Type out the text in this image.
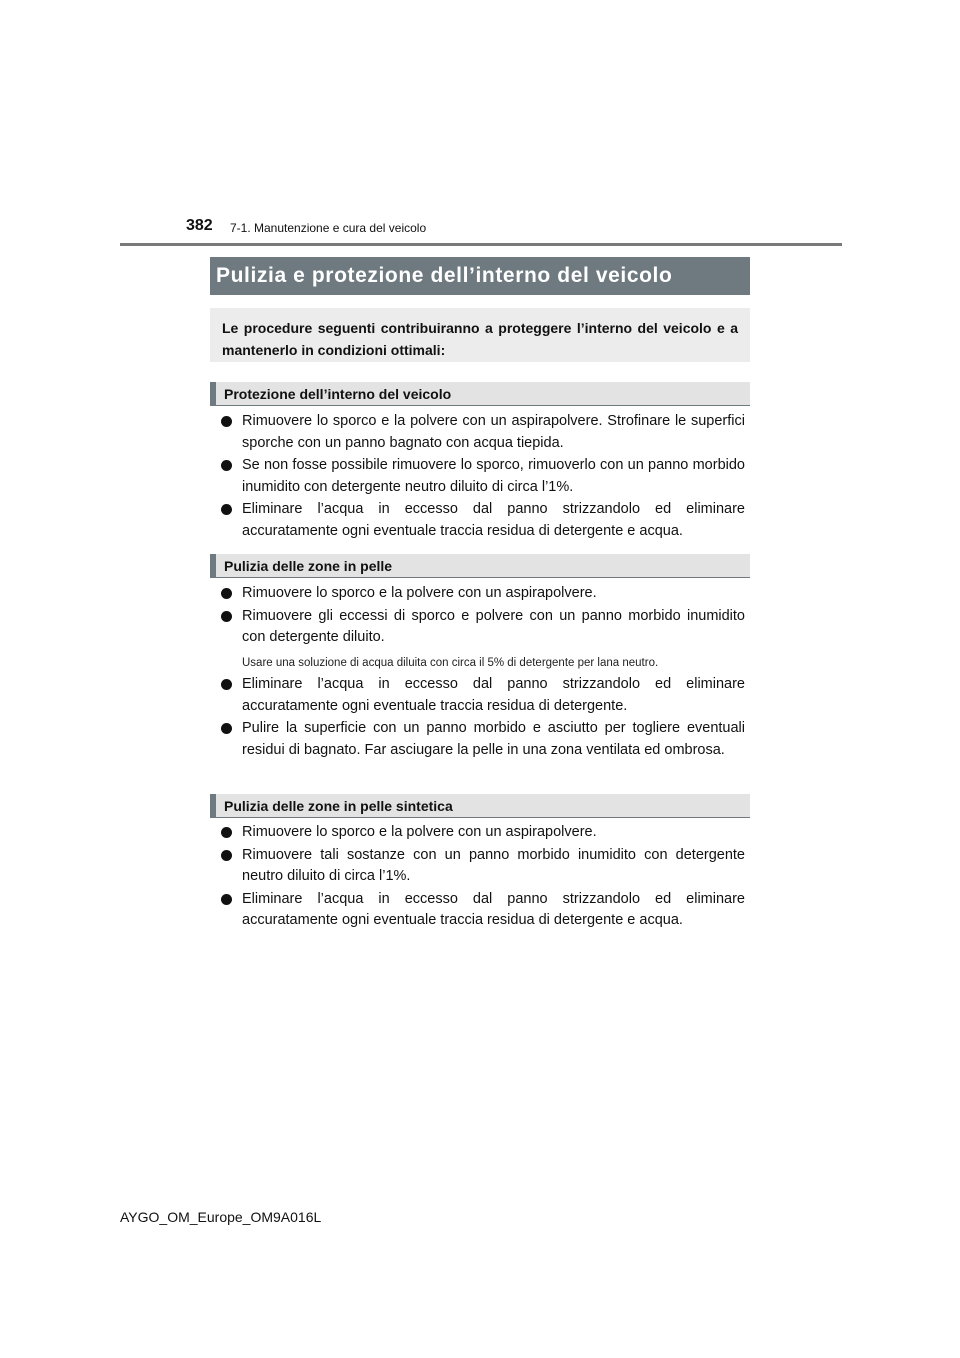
382 7-1. Manutenzione e cura del veicolo
Pulizia e protezione dell’interno del veicolo
Le procedure seguenti contribuiranno a proteggere l’interno del veicolo e a mantenerlo in condizioni ottimali:
Protezione dell’interno del veicolo
Rimuovere lo sporco e la polvere con un aspirapolvere. Strofinare le superfici sporche con un panno bagnato con acqua tiepida.
Se non fosse possibile rimuovere lo sporco, rimuoverlo con un panno morbido inumidito con detergente neutro diluito di circa l’1%.
Eliminare l’acqua in eccesso dal panno strizzandolo ed eliminare accuratamente ogni eventuale traccia residua di detergente e acqua.
Pulizia delle zone in pelle
Rimuovere lo sporco e la polvere con un aspirapolvere.
Rimuovere gli eccessi di sporco e polvere con un panno morbido inumidito con detergente diluito.
Usare una soluzione di acqua diluita con circa il 5% di detergente per lana neutro.
Eliminare l’acqua in eccesso dal panno strizzandolo ed eliminare accuratamente ogni eventuale traccia residua di detergente.
Pulire la superficie con un panno morbido e asciutto per togliere eventuali residui di bagnato. Far asciugare la pelle in una zona ventilata ed ombrosa.
Pulizia delle zone in pelle sintetica
Rimuovere lo sporco e la polvere con un aspirapolvere.
Rimuovere tali sostanze con un panno morbido inumidito con detergente neutro diluito di circa l’1%.
Eliminare l’acqua in eccesso dal panno strizzandolo ed eliminare accuratamente ogni eventuale traccia residua di detergente e acqua.
AYGO_OM_Europe_OM9A016L
